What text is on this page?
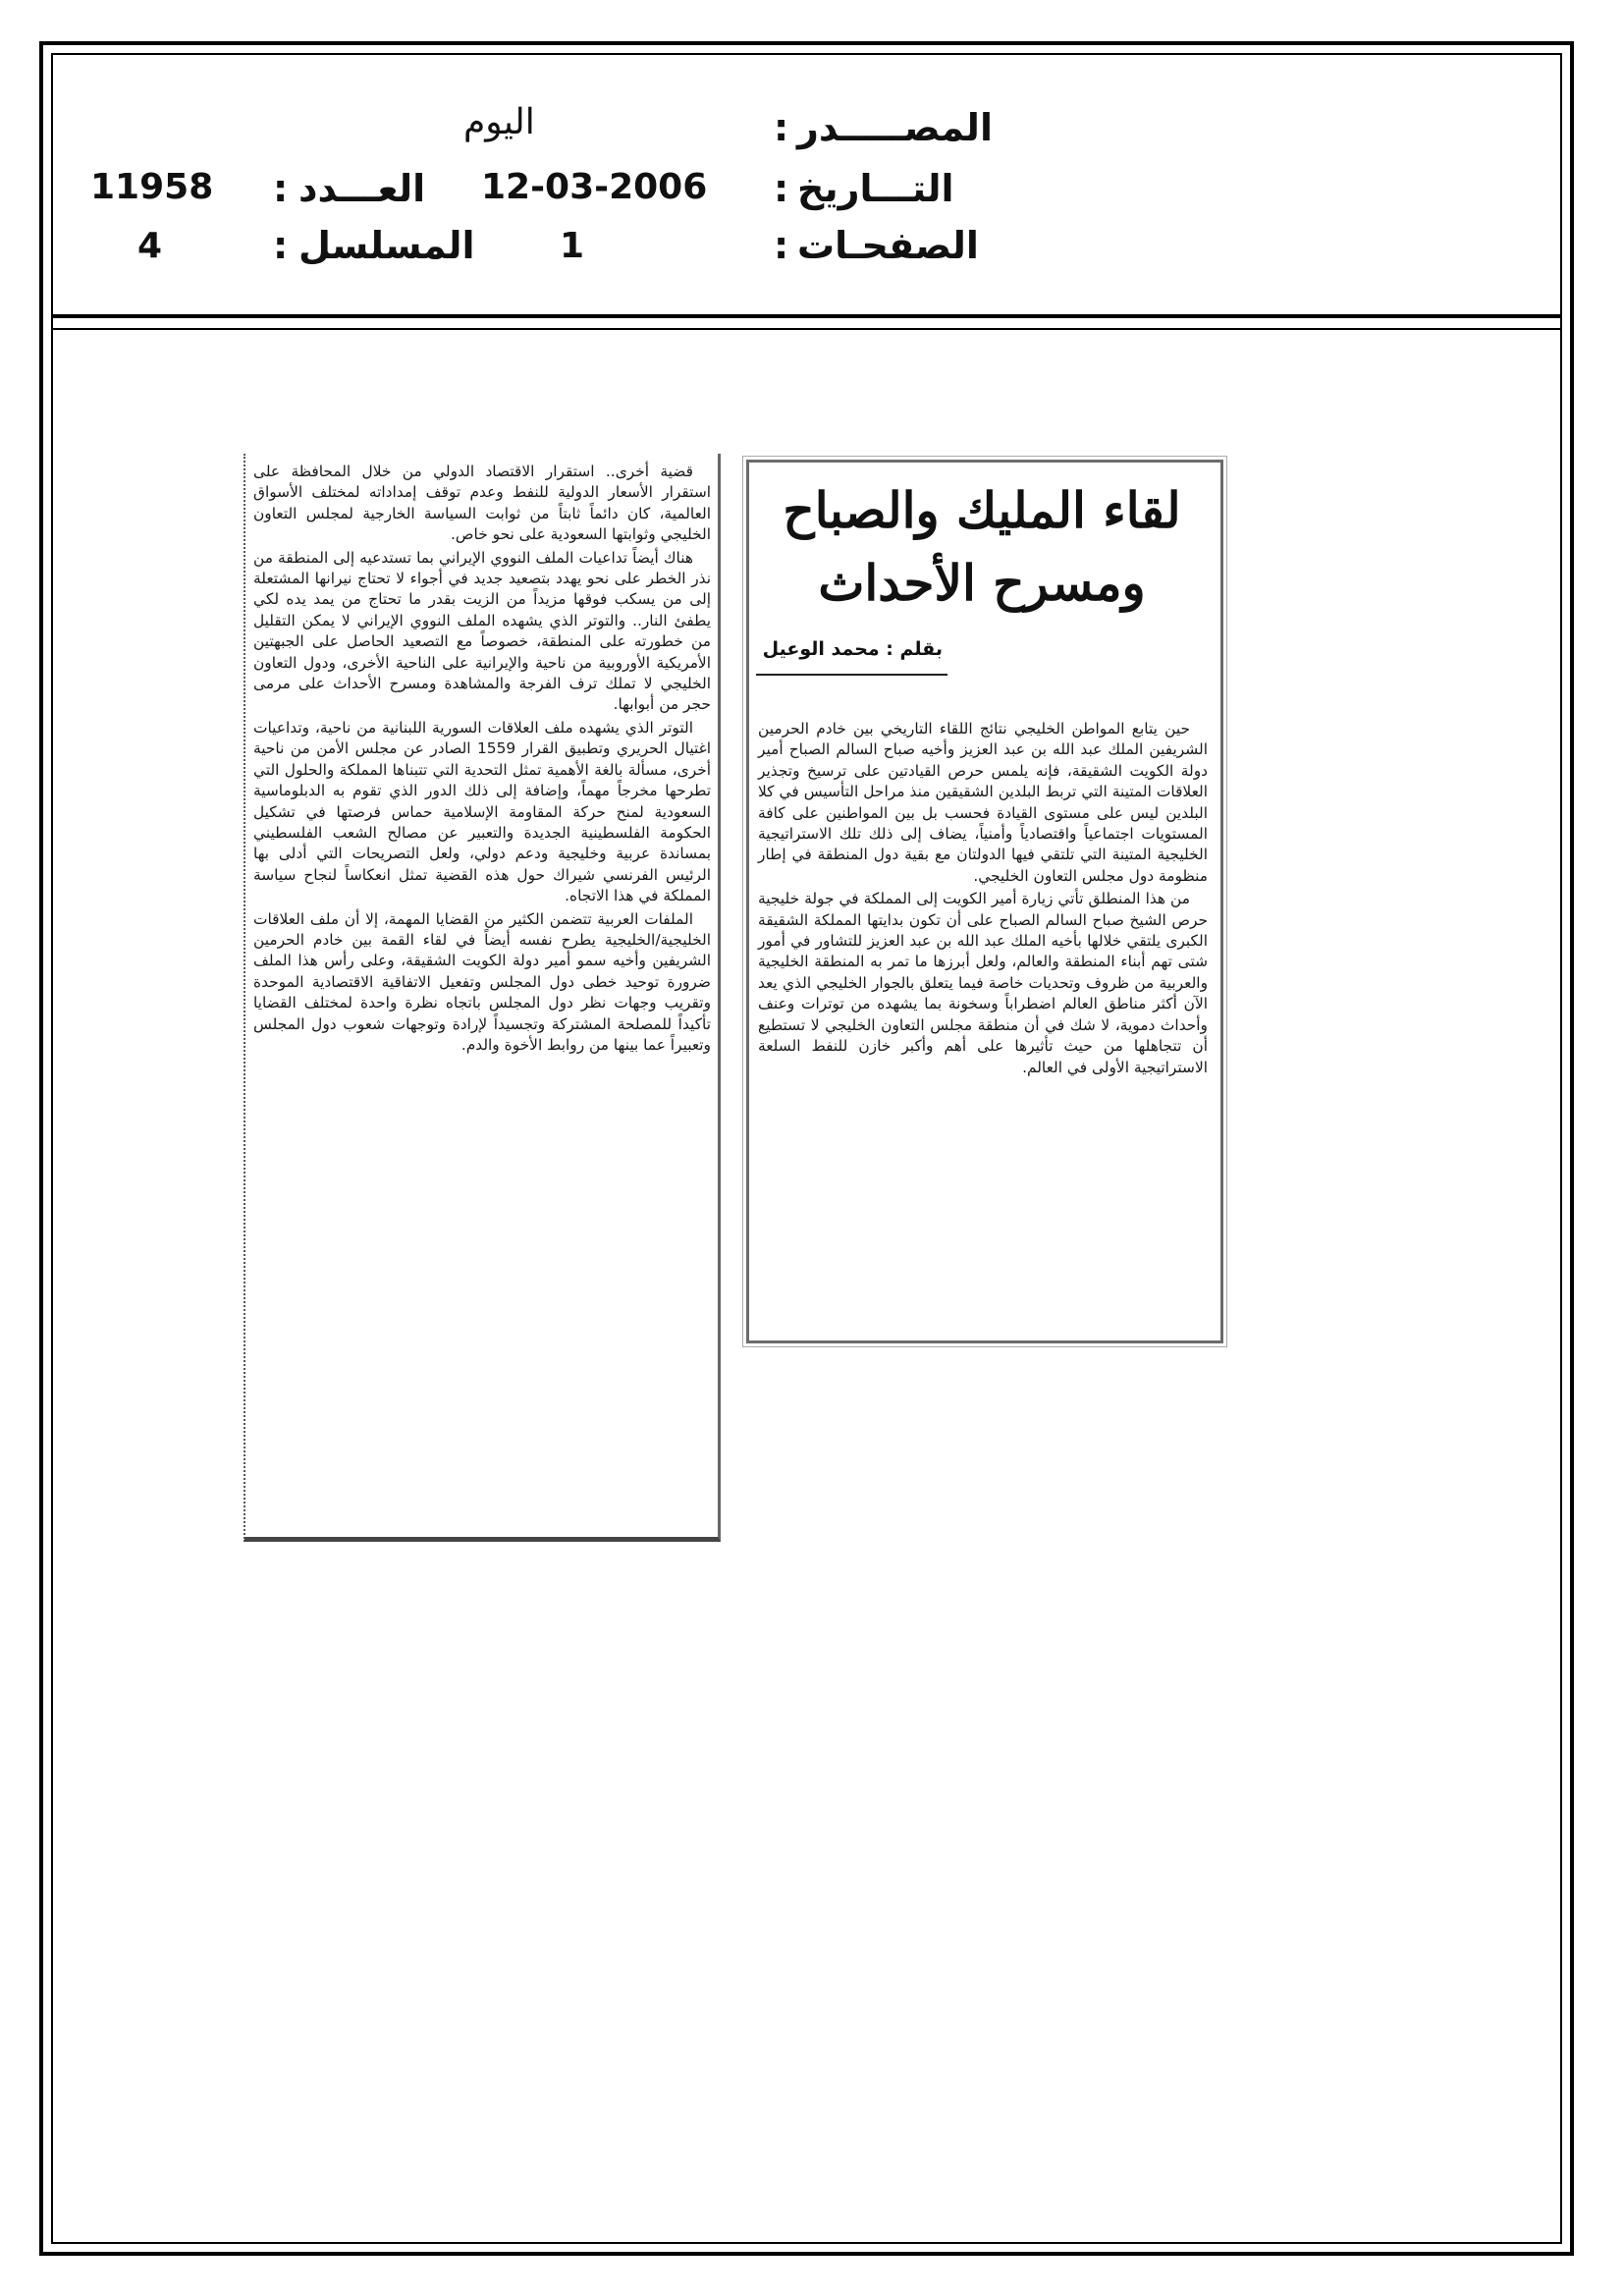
المصـــــدر
:
اليوم
التـــاريخ
:
12-03-2006
العـــدد
:
11958
الصفحـات
:
1
المسلسل
:
4
لقاء المليك والصباح
ومسرح الأحداث
بقلم : محمد الوعيل

حين يتابع المواطن الخليجي نتائج اللقاء التاريخي بين خادم الحرمين الشريفين الملك عبد الله بن عبد العزيز وأخيه صباح السالم الصباح أمير دولة الكويت الشقيقة، فإنه يلمس حرص القيادتين على ترسيخ وتجذير العلاقات المتينة التي تربط البلدين الشقيقين منذ مراحل التأسيس في كلا البلدين ليس على مستوى القيادة فحسب بل بين المواطنين على كافة المستويات اجتماعياً واقتصادياً وأمنياً، يضاف إلى ذلك تلك الاستراتيجية الخليجية المتينة التي تلتقي فيها الدولتان مع بقية دول المنطقة في إطار منظومة دول مجلس التعاون الخليجي.

من هذا المنطلق تأتي زيارة أمير الكويت إلى المملكة في جولة خليجية حرص الشيخ صباح السالم الصباح على أن تكون بدايتها المملكة الشقيقة الكبرى يلتقي خلالها بأخيه الملك عبد الله بن عبد العزيز للتشاور في أمور شتى تهم أبناء المنطقة والعالم، ولعل أبرزها ما تمر به المنطقة الخليجية والعربية من ظروف وتحديات خاصة فيما يتعلق بالجوار الخليجي الذي يعد الآن أكثر مناطق العالم اضطراباً وسخونة بما يشهده من توترات وعنف وأحداث دموية، لا شك في أن منطقة مجلس التعاون الخليجي لا تستطيع أن تتجاهلها من حيث تأثيرها على أهم وأكبر خازن للنفط السلعة الاستراتيجية الأولى في العالم.

قضية أخرى.. استقرار الاقتصاد الدولي من خلال المحافظة على استقرار الأسعار الدولية للنفط وعدم توقف إمداداته لمختلف الأسواق العالمية، كان دائماً ثابتاً من ثوابت السياسة الخارجية لمجلس التعاون الخليجي وثوابتها السعودية على نحو خاص.

هناك أيضاً تداعيات الملف النووي الإيراني بما تستدعيه إلى المنطقة من نذر الخطر على نحو يهدد بتصعيد جديد في أجواء لا تحتاج نيرانها المشتعلة إلى من يسكب فوقها مزيداً من الزيت بقدر ما تحتاج من يمد يده لكي يطفئ النار.. والتوتر الذي يشهده الملف النووي الإيراني لا يمكن التقليل من خطورته على المنطقة، خصوصاً مع التصعيد الحاصل على الجبهتين الأمريكية الأوروبية من ناحية والإيرانية على الناحية الأخرى، ودول التعاون الخليجي لا تملك ترف الفرجة والمشاهدة ومسرح الأحداث على مرمى حجر من أبوابها.

التوتر الذي يشهده ملف العلاقات السورية اللبنانية من ناحية، وتداعيات اغتيال الحريري وتطبيق القرار 1559 الصادر عن مجلس الأمن من ناحية أخرى، مسألة بالغة الأهمية تمثل التحدية التي تتبناها المملكة والحلول التي تطرحها مخرجاً مهماً، وإضافة إلى ذلك الدور الذي تقوم به الدبلوماسية السعودية لمنح حركة المقاومة الإسلامية حماس فرصتها في تشكيل الحكومة الفلسطينية الجديدة والتعبير عن مصالح الشعب الفلسطيني بمساندة عربية وخليجية ودعم دولي، ولعل التصريحات التي أدلى بها الرئيس الفرنسي شيراك حول هذه القضية تمثل انعكاساً لنجاح سياسة المملكة في هذا الاتجاه.

الملفات العربية تتضمن الكثير من القضايا المهمة، إلا أن ملف العلاقات الخليجية/الخليجية يطرح نفسه أيضاً في لقاء القمة بين خادم الحرمين الشريفين وأخيه سمو أمير دولة الكويت الشقيقة، وعلى رأس هذا الملف ضرورة توحيد خطى دول المجلس وتفعيل الاتفاقية الاقتصادية الموحدة وتقريب وجهات نظر دول المجلس باتجاه نظرة واحدة لمختلف القضايا تأكيداً للمصلحة المشتركة وتجسيداً لإرادة وتوجهات شعوب دول المجلس وتعبيراً عما بينها من روابط الأخوة والدم.
